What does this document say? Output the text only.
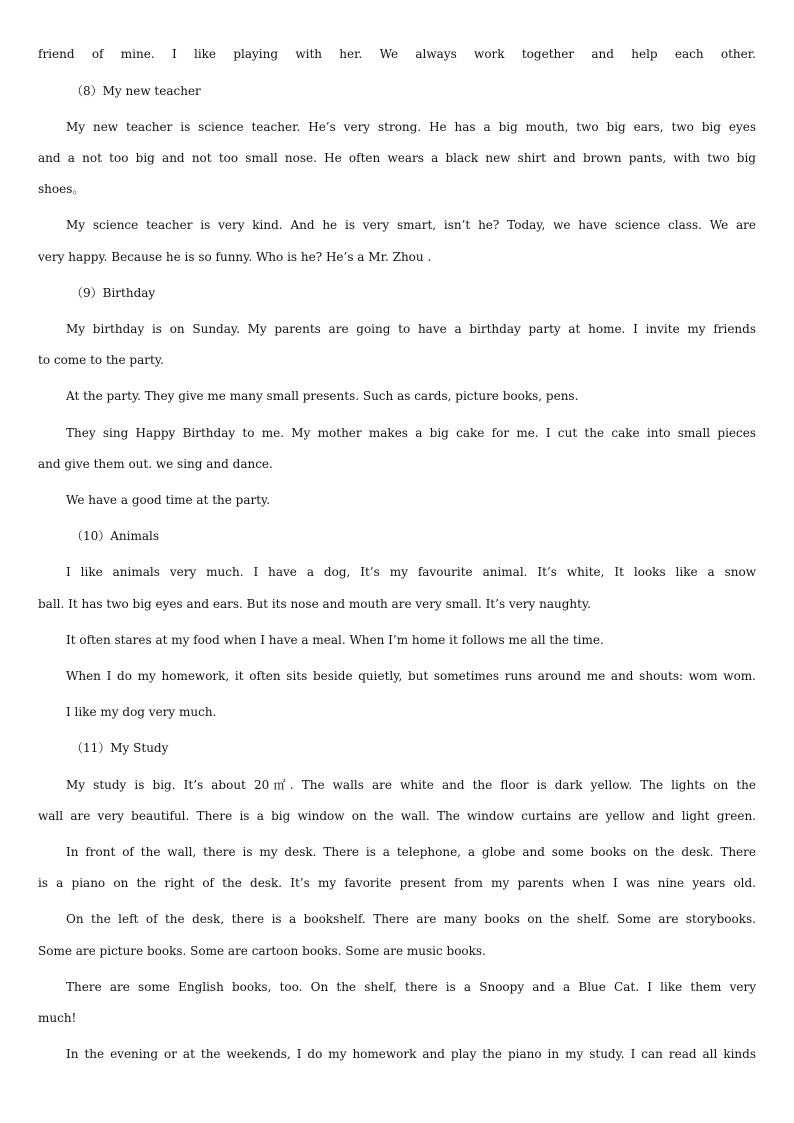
friend of mine. I like playing with her. We always work together and help each other.

（8）My new teacher

My new teacher is science teacher. He’s very strong. He has a big mouth, two big ears, two big eyes

and a not too big and not too small nose. He often wears a black new shirt and brown pants, with two big

shoes。

My science teacher is very kind. And he is very smart, isn’t he? Today, we have science class. We are

very happy. Because he is so funny. Who is he? He’s a Mr. Zhou .

（9）Birthday

My birthday is on Sunday. My parents are going to have a birthday party at home. I invite my friends

to come to the party.

At the party. They give me many small presents. Such as cards, picture books, pens.

They sing Happy Birthday to me. My mother makes a big cake for me. I cut the cake into small pieces

and give them out. we sing and dance.

We have a good time at the party.

（10）Animals

I like animals very much. I have a dog, It’s my favourite animal. It’s white, It looks like a snow

ball. It has two big eyes and ears. But its nose and mouth are very small. It’s very naughty.

It often stares at my food when I have a meal. When I’m home it follows me all the time.

When I do my homework, it often sits beside quietly, but sometimes runs around me and shouts: wom wom.

I like my dog very much.

（11）My Study

My study is big. It’s about 20㎡. The walls are white and the floor is dark yellow. The lights on the

wall are very beautiful. There is a big window on the wall. The window curtains are yellow and light green.

In front of the wall, there is my desk. There is a telephone, a globe and some books on the desk. There

is a piano on the right of the desk. It’s my favorite present from my parents when I was nine years old.

On the left of the desk, there is a bookshelf. There are many books on the shelf. Some are storybooks.

Some are picture books. Some are cartoon books. Some are music books.

There are some English books, too. On the shelf, there is a Snoopy and a Blue Cat. I like them very

much!

In the evening or at the weekends, I do my homework and play the piano in my study. I can read all kinds
